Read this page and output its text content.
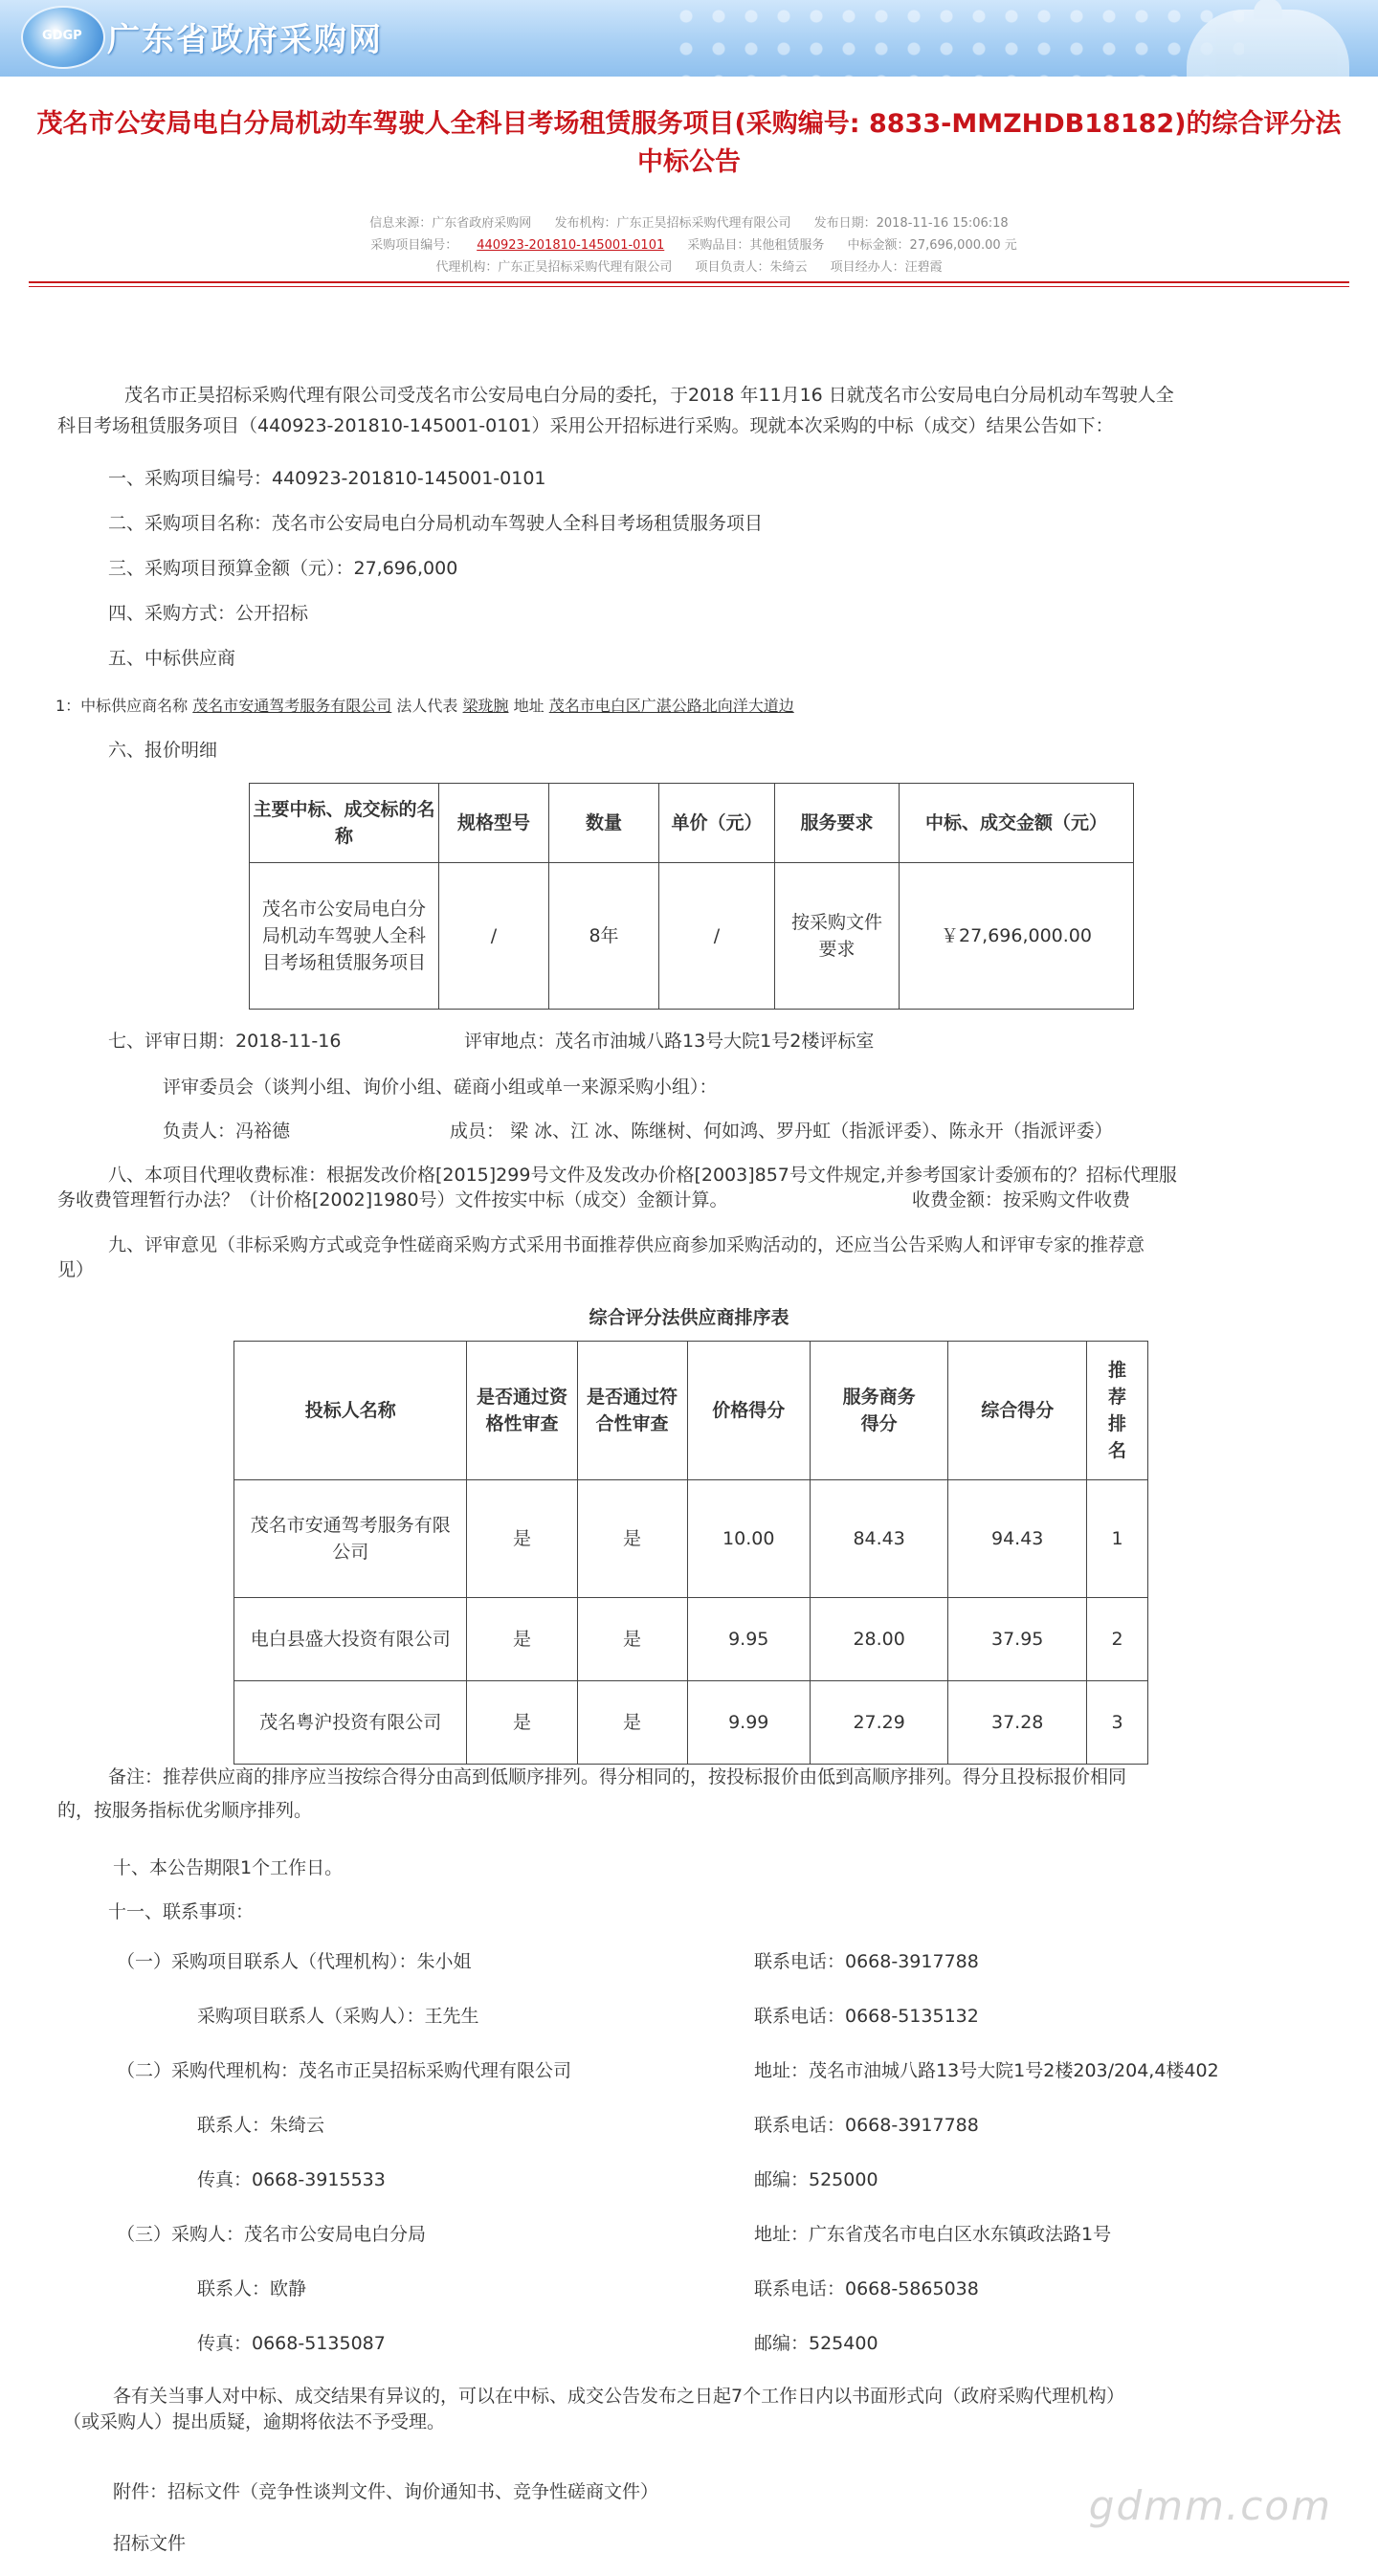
GDGP 广东省政府采购网
茂名市公安局电白分局机动车驾驶人全科目考场租赁服务项目(采购编号: 8833-MMZHDB18182)的综合评分法
中标公告
信息来源：广东省政府采购网 发布机构：广东正昊招标采购代理有限公司 发布日期：2018-11-16 15:06:18
采购项目编号： 440923-201810-145001-0101 采购品目：其他租赁服务 中标金额：27,696,000.00 元
代理机构：广东正昊招标采购代理有限公司 项目负责人：朱绮云 项目经办人：汪碧霞
茂名市正昊招标采购代理有限公司受茂名市公安局电白分局的委托，于2018 年11月16 日就茂名市公安局电白分局机动车驾驶人全
科目考场租赁服务项目（440923-201810-145001-0101）采用公开招标进行采购。现就本次采购的中标（成交）结果公告如下：
一、采购项目编号：440923-201810-145001-0101
二、采购项目名称：茂名市公安局电白分局机动车驾驶人全科目考场租赁服务项目
三、采购项目预算金额（元）：27,696,000
四、采购方式：公开招标
五、中标供应商
1：中标供应商名称 茂名市安通驾考服务有限公司 法人代表 梁珑腕 地址 茂名市电白区广湛公路北向洋大道边
六、报价明细
主要中标、成交标的名称	规格型号	数量	单价（元）	服务要求	中标、成交金额（元）
茂名市公安局电白分局机动车驾驶人全科目考场租赁服务项目	/	8年	/	按采购文件要求	￥27,696,000.00
七、评审日期：2018-11-16	评审地点：茂名市油城八路13号大院1号2楼评标室
评审委员会（谈判小组、询价小组、磋商小组或单一来源采购小组）：
负责人：冯裕德	成员： 梁 冰、江 冰、陈继树、何如鸿、罗丹虹（指派评委）、陈永开（指派评委）
八、本项目代理收费标准：根据发改价格[2015]299号文件及发改办价格[2003]857号文件规定,并参考国家计委颁布的？招标代理服
务收费管理暂行办法？（计价格[2002]1980号）文件按实中标（成交）金额计算。	收费金额：按采购文件收费
九、评审意见（非标采购方式或竞争性磋商采购方式采用书面推荐供应商参加采购活动的，还应当公告采购人和评审专家的推荐意
见）
综合评分法供应商排序表
投标人名称	是否通过资格性审查	是否通过符合性审查	价格得分	服务商务得分	综合得分	推荐排名
茂名市安通驾考服务有限公司	是	是	10.00	84.43	94.43	1
电白县盛大投资有限公司	是	是	9.95	28.00	37.95	2
茂名粤沪投资有限公司	是	是	9.99	27.29	37.28	3
备注：推荐供应商的排序应当按综合得分由高到低顺序排列。得分相同的，按投标报价由低到高顺序排列。得分且投标报价相同
的，按服务指标优劣顺序排列。
十、本公告期限1个工作日。
十一、联系事项：
（一）采购项目联系人（代理机构）：朱小姐	联系电话：0668-3917788
采购项目联系人（采购人）：王先生	联系电话：0668-5135132
（二）采购代理机构：茂名市正昊招标采购代理有限公司	地址：茂名市油城八路13号大院1号2楼203/204,4楼402
联系人：朱绮云	联系电话：0668-3917788
传真：0668-3915533	邮编：525000
（三）采购人：茂名市公安局电白分局	地址：广东省茂名市电白区水东镇政法路1号
联系人：欧静	联系电话：0668-5865038
传真：0668-5135087	邮编：525400
各有关当事人对中标、成交结果有异议的，可以在中标、成交公告发布之日起7个工作日内以书面形式向（政府采购代理机构）
（或采购人）提出质疑，逾期将依法不予受理。
附件：招标文件（竞争性谈判文件、询价通知书、竞争性磋商文件）
招标文件
gdmm.com
